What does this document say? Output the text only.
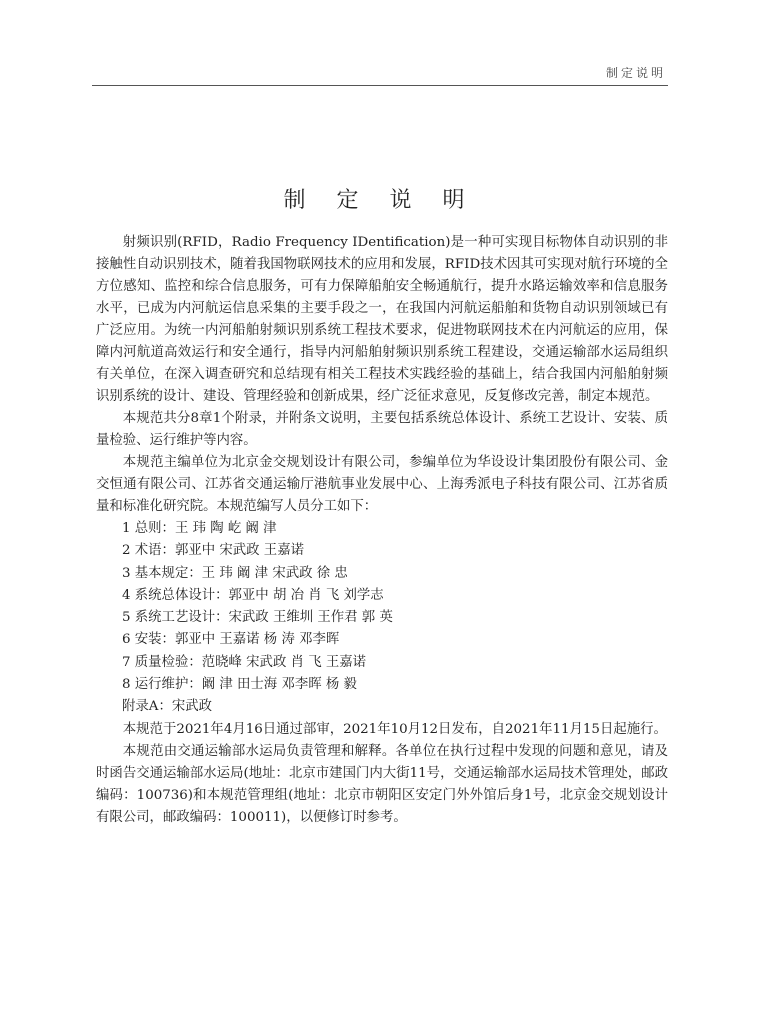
制定说明
制 定 说 明

射频识别(RFID，Radio Frequency IDentification)是一种可实现目标物体自动识别的非接触性自动识别技术，随着我国物联网技术的应用和发展，RFID技术因其可实现对航行环境的全方位感知、监控和综合信息服务，可有力保障船舶安全畅通航行，提升水路运输效率和信息服务水平，已成为内河航运信息采集的主要手段之一，在我国内河航运船舶和货物自动识别领域已有广泛应用。为统一内河船舶射频识别系统工程技术要求，促进物联网技术在内河航运的应用，保障内河航道高效运行和安全通行，指导内河船舶射频识别系统工程建设，交通运输部水运局组织有关单位，在深入调查研究和总结现有相关工程技术实践经验的基础上，结合我国内河船舶射频识别系统的设计、建设、管理经验和创新成果，经广泛征求意见，反复修改完善，制定本规范。

本规范共分8章1个附录，并附条文说明，主要包括系统总体设计、系统工艺设计、安装、质量检验、运行维护等内容。

本规范主编单位为北京金交规划设计有限公司，参编单位为华设设计集团股份有限公司、金交恒通有限公司、江苏省交通运输厅港航事业发展中心、上海秀派电子科技有限公司、江苏省质量和标准化研究院。本规范编写人员分工如下：

1 总则：王 玮 陶 屹 阚 津
2 术语：郭亚中 宋武政 王嘉诺
3 基本规定：王 玮 阚 津 宋武政 徐 忠
4 系统总体设计：郭亚中 胡 冶 肖 飞 刘学志
5 系统工艺设计：宋武政 王维圳 王作君 郭 英
6 安装：郭亚中 王嘉诺 杨 涛 邓李晖
7 质量检验：范晓峰 宋武政 肖 飞 王嘉诺
8 运行维护：阚 津 田士海 邓李晖 杨 毅
附录A：宋武政

本规范于2021年4月16日通过部审，2021年10月12日发布，自2021年11月15日起施行。

本规范由交通运输部水运局负责管理和解释。各单位在执行过程中发现的问题和意见，请及时函告交通运输部水运局(地址：北京市建国门内大街11号，交通运输部水运局技术管理处，邮政编码：100736)和本规范管理组(地址：北京市朝阳区安定门外外馆后身1号，北京金交规划设计有限公司，邮政编码：100011)，以便修订时参考。
